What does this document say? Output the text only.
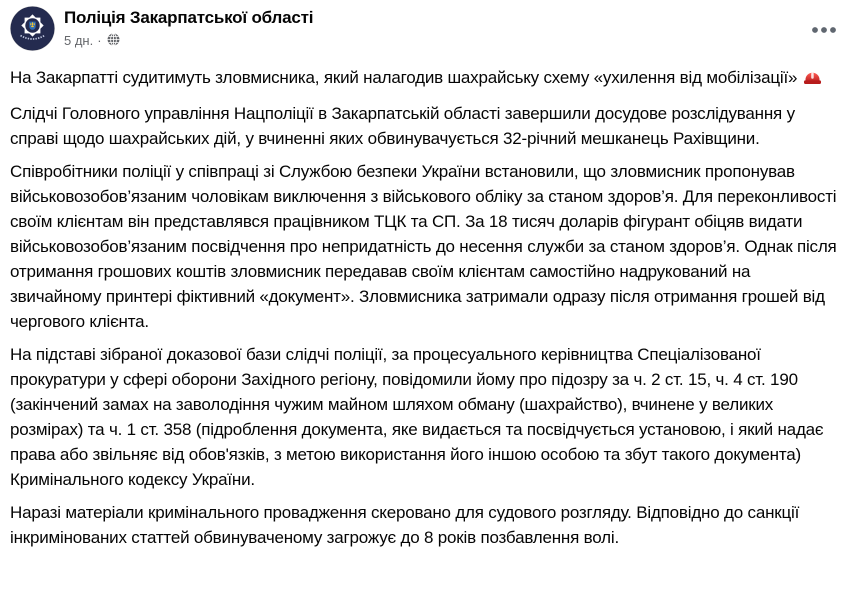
Поліція Закарпатської області
5 дн. ·

На Закарпатті судитимуть зловмисника, який налагодив шахрайську схему «ухилення від мобілізації»

Слідчі Головного управління Нацполіції в Закарпатській області завершили досудове розслідування у справі щодо шахрайських дій, у вчиненні яких обвинувачується 32-річний мешканець Рахівщини.

Співробітники поліції у співпраці зі Службою безпеки України встановили, що зловмисник пропонував військовозобов’язаним чоловікам виключення з військового обліку за станом здоров’я. Для переконливості своїм клієнтам він представлявся працівником ТЦК та СП. За 18 тисяч доларів фігурант обіцяв видати військовозобов’язаним посвідчення про непридатність до несення служби за станом здоров’я. Однак після отримання грошових коштів зловмисник передавав своїм клієнтам самостійно надрукований на звичайному принтері фіктивний «документ». Зловмисника затримали одразу після отримання грошей від чергового клієнта.

На підставі зібраної доказової бази слідчі поліції, за процесуального керівництва Спеціалізованої прокуратури у сфері оборони Західного регіону, повідомили йому про підозру за ч. 2 ст. 15, ч. 4 ст. 190 (закінчений замах на заволодіння чужим майном шляхом обману (шахрайство), вчинене у великих розмірах) та ч. 1 ст. 358 (підроблення документа, яке видається та посвідчується установою, і який надає права або звільняє від обов'язків, з метою використання його іншою особою та збут такого документа) Кримінального кодексу України.

Наразі матеріали кримінального провадження скеровано для судового розгляду. Відповідно до санкції інкримінованих статтей обвинуваченому загрожує до 8 років позбавлення волі.
